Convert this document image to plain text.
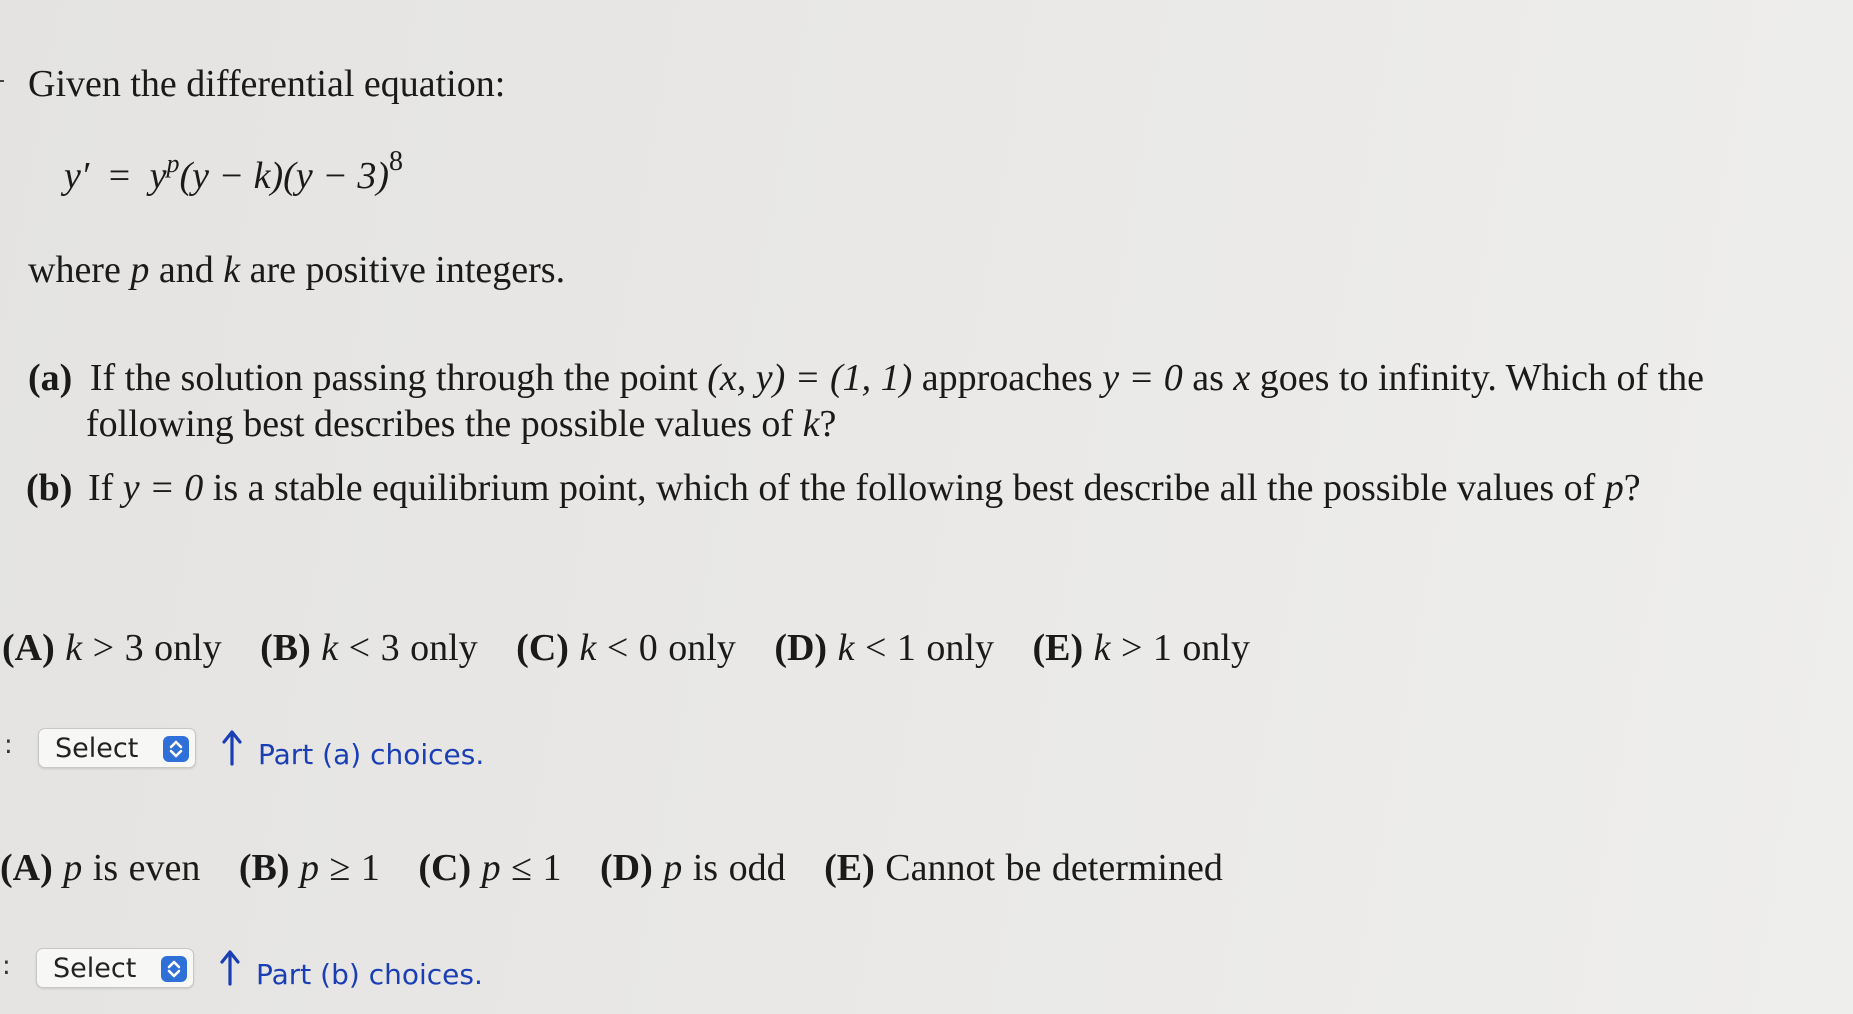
Given the differential equation:
$y' = y^p(y - k)(y - 3)^8$
where p and k are positive integers.
(a) If the solution passing through the point (x, y) = (1, 1) approaches y = 0 as x goes to infinity. Which of the
following best describes the possible values of k?
(b) If y = 0 is a stable equilibrium point, which of the following best describe all the possible values of p?
(A) k > 3 only (B) k < 3 only (C) k < 0 only (D) k < 1 only (E) k > 1 only
: Select	Part (a) choices.
(A) p is even (B) p ≥ 1 (C) p ≤ 1 (D) p is odd (E) Cannot be determined
: Select	Part (b) choices.
